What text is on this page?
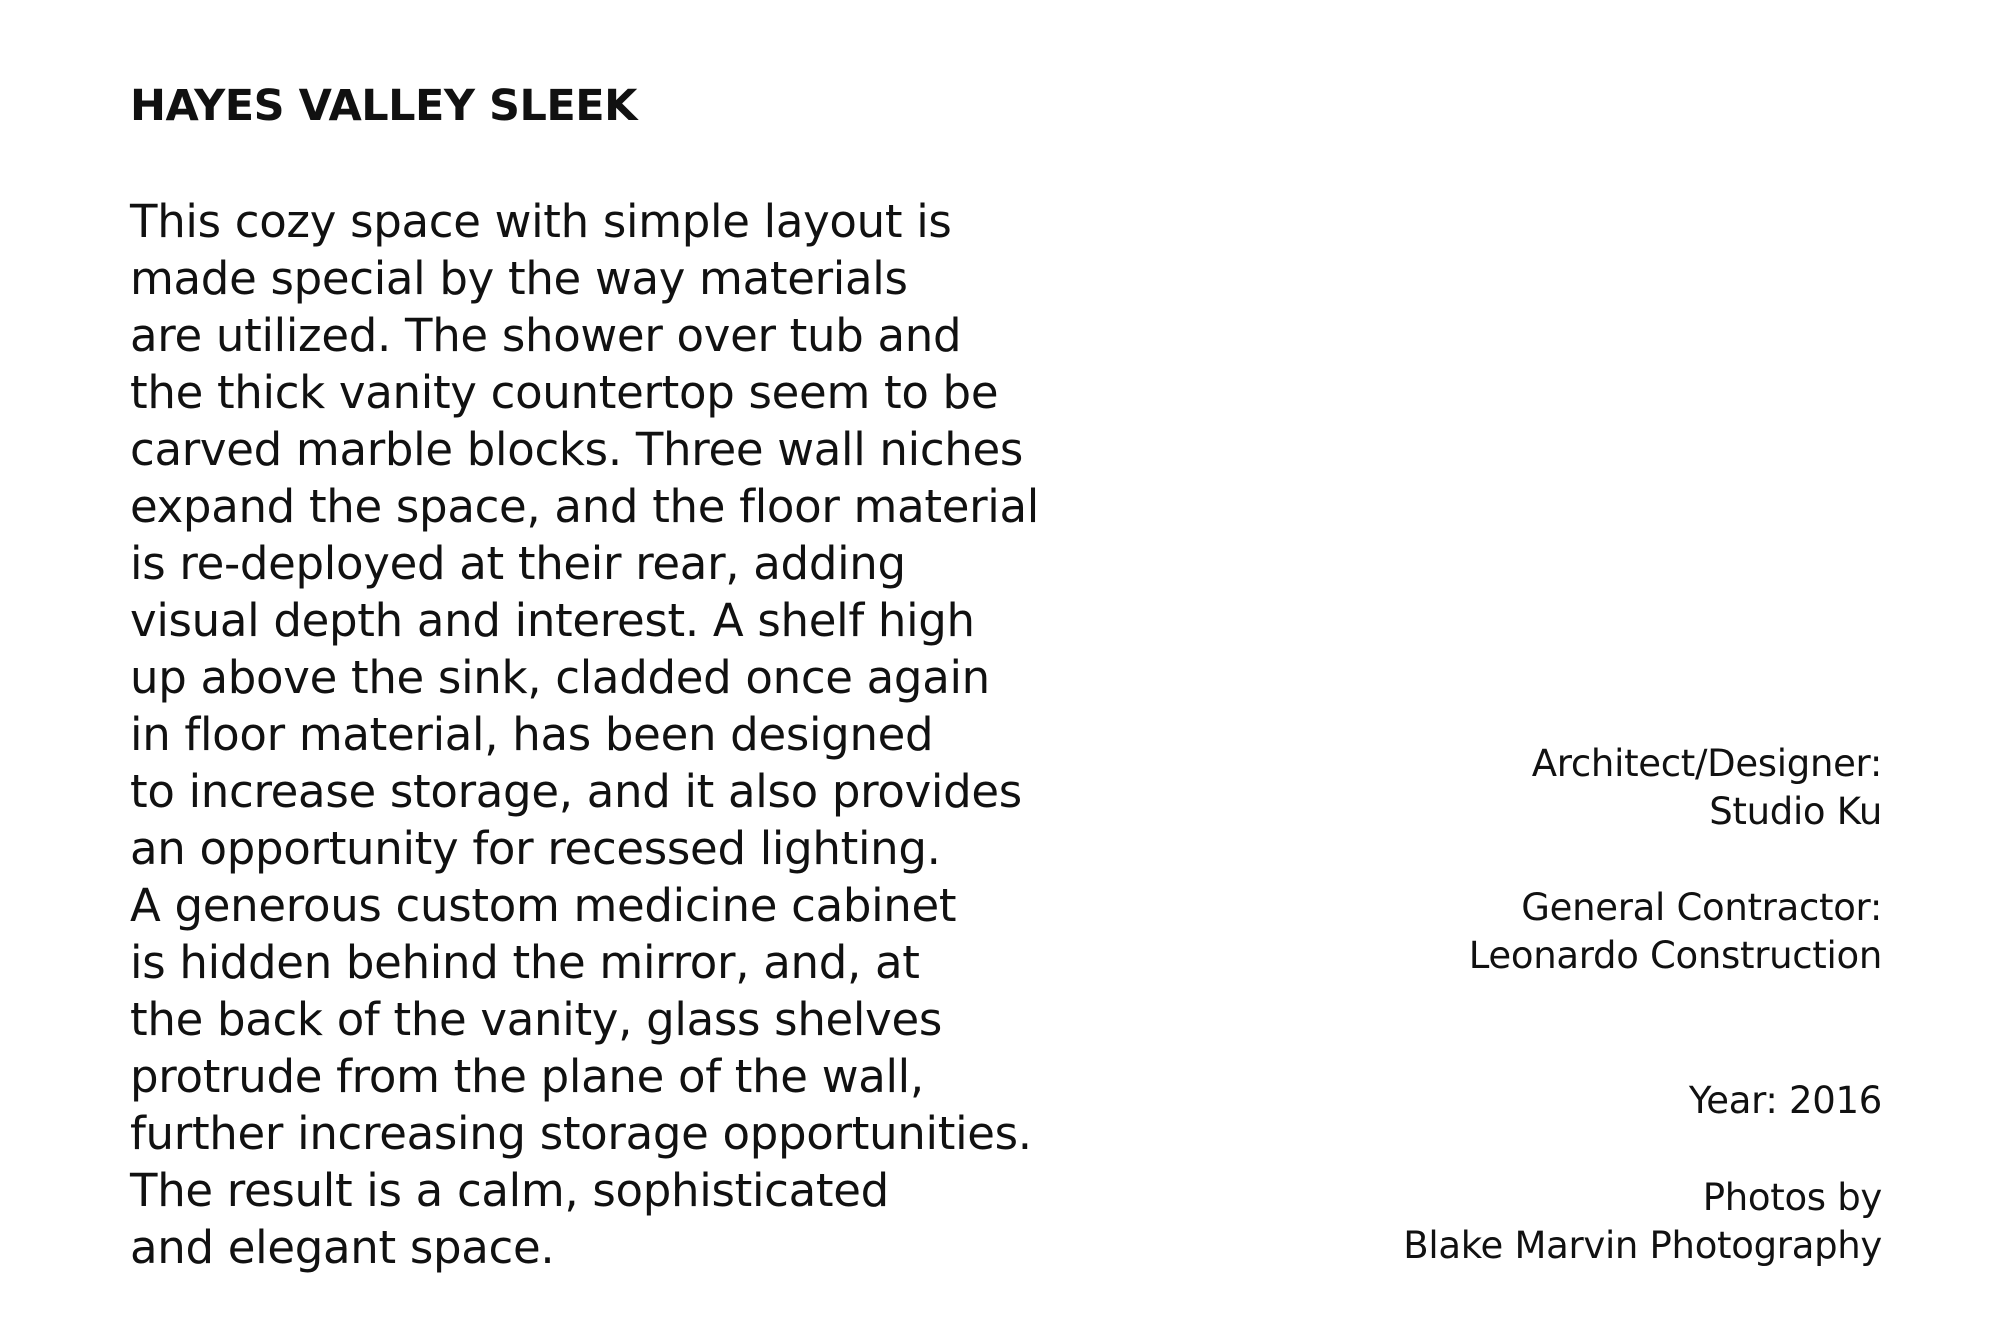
HAYES VALLEY SLEEK
This cozy space with simple layout is
made special by the way materials
are utilized. The shower over tub and
the thick vanity countertop seem to be
carved marble blocks. Three wall niches
expand the space, and the floor material
is re-deployed at their rear, adding
visual depth and interest. A shelf high
up above the sink, cladded once again
in floor material, has been designed
to increase storage, and it also provides
an opportunity for recessed lighting.
A generous custom medicine cabinet
is hidden behind the mirror, and, at
the back of the vanity, glass shelves
protrude from the plane of the wall,
further increasing storage opportunities.
The result is a calm, sophisticated
and elegant space.
Architect/Designer:
Studio Ku
General Contractor:
Leonardo Construction
Year: 2016
Photos by
Blake Marvin Photography
